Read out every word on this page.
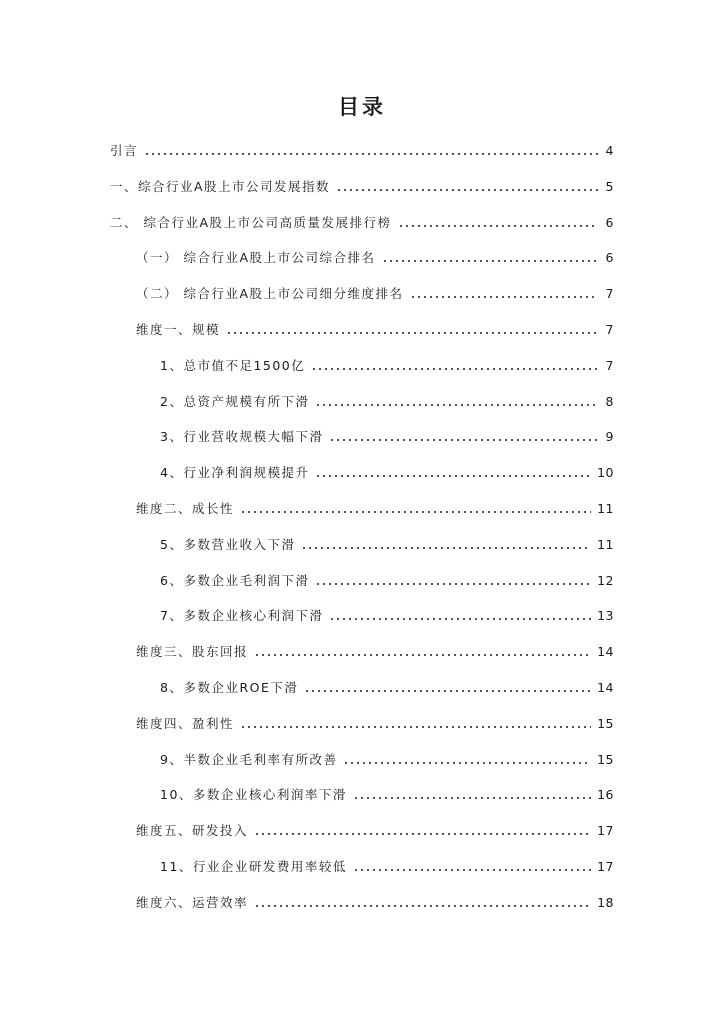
目录
引言	4
一、综合行业A股上市公司发展指数	5
二、 综合行业A股上市公司高质量发展排行榜	6
（一） 综合行业A股上市公司综合排名	6
（二） 综合行业A股上市公司细分维度排名	7
维度一、规模	7
1、总市值不足1500亿	7
2、总资产规模有所下滑	8
3、行业营收规模大幅下滑	9
4、行业净利润规模提升	10
维度二、成长性	11
5、多数营业收入下滑	11
6、多数企业毛利润下滑	12
7、多数企业核心利润下滑	13
维度三、股东回报	14
8、多数企业ROE下滑	14
维度四、盈利性	15
9、半数企业毛利率有所改善	15
10、多数企业核心利润率下滑	16
维度五、研发投入	17
11、行业企业研发费用率较低	17
维度六、运营效率	18
